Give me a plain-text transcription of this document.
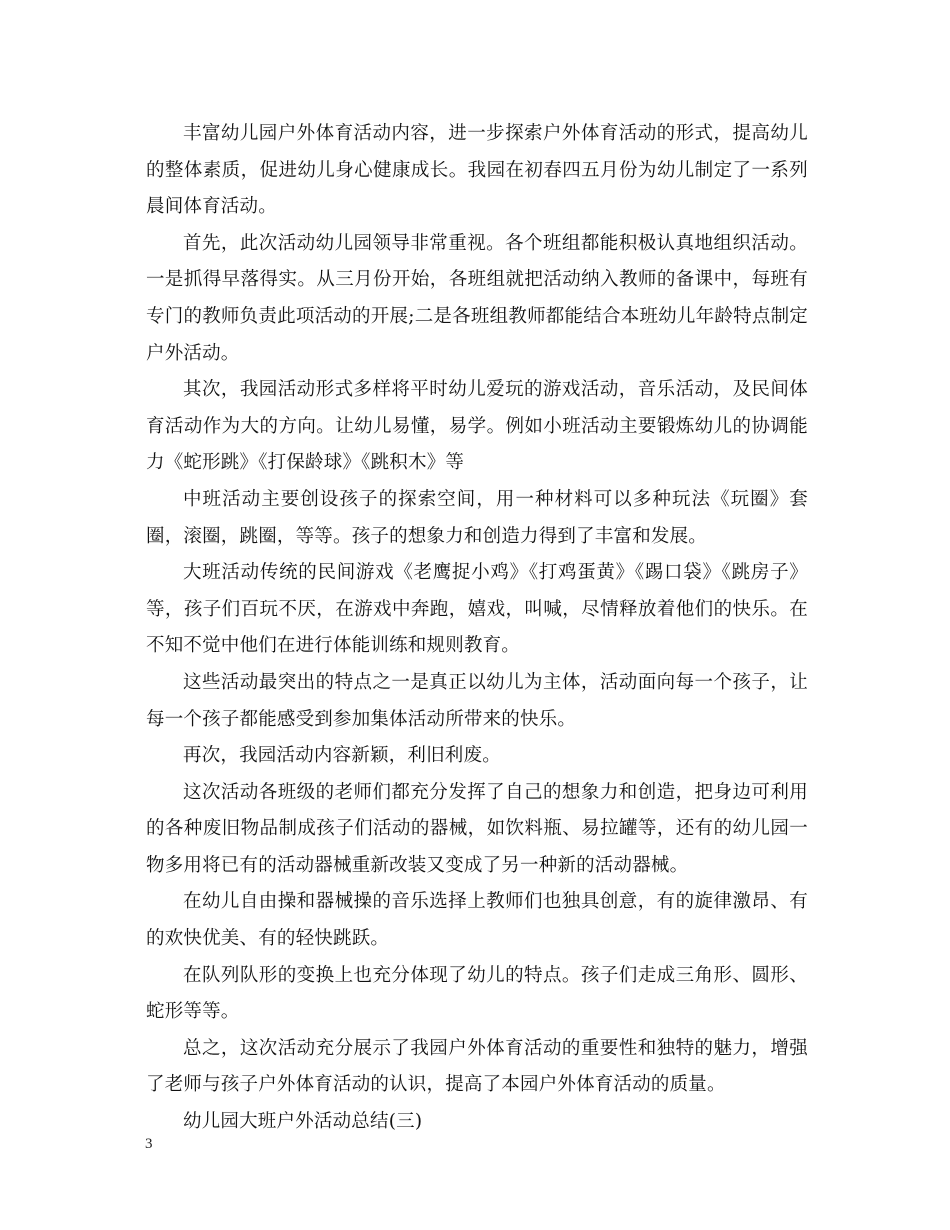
丰富幼儿园户外体育活动内容，进一步探索户外体育活动的形式，提高幼儿的整体素质，促进幼儿身心健康成长。我园在初春四五月份为幼儿制定了一系列晨间体育活动。

首先，此次活动幼儿园领导非常重视。各个班组都能积极认真地组织活动。一是抓得早落得实。从三月份开始，各班组就把活动纳入教师的备课中，每班有专门的教师负责此项活动的开展;二是各班组教师都能结合本班幼儿年龄特点制定户外活动。

其次，我园活动形式多样将平时幼儿爱玩的游戏活动，音乐活动，及民间体育活动作为大的方向。让幼儿易懂，易学。例如小班活动主要锻炼幼儿的协调能力《蛇形跳》《打保龄球》《跳积木》等

中班活动主要创设孩子的探索空间，用一种材料可以多种玩法《玩圈》套圈，滚圈，跳圈，等等。孩子的想象力和创造力得到了丰富和发展。

大班活动传统的民间游戏《老鹰捉小鸡》《打鸡蛋黄》《踢口袋》《跳房子》等，孩子们百玩不厌，在游戏中奔跑，嬉戏，叫喊，尽情释放着他们的快乐。在不知不觉中他们在进行体能训练和规则教育。

这些活动最突出的特点之一是真正以幼儿为主体，活动面向每一个孩子，让每一个孩子都能感受到参加集体活动所带来的快乐。

再次，我园活动内容新颖，利旧利废。

这次活动各班级的老师们都充分发挥了自己的想象力和创造，把身边可利用的各种废旧物品制成孩子们活动的器械，如饮料瓶、易拉罐等，还有的幼儿园一物多用将已有的活动器械重新改装又变成了另一种新的活动器械。

在幼儿自由操和器械操的音乐选择上教师们也独具创意，有的旋律激昂、有的欢快优美、有的轻快跳跃。

在队列队形的变换上也充分体现了幼儿的特点。孩子们走成三角形、圆形、蛇形等等。

总之，这次活动充分展示了我园户外体育活动的重要性和独特的魅力，增强了老师与孩子户外体育活动的认识，提高了本园户外体育活动的质量。

幼儿园大班户外活动总结(三)

3
